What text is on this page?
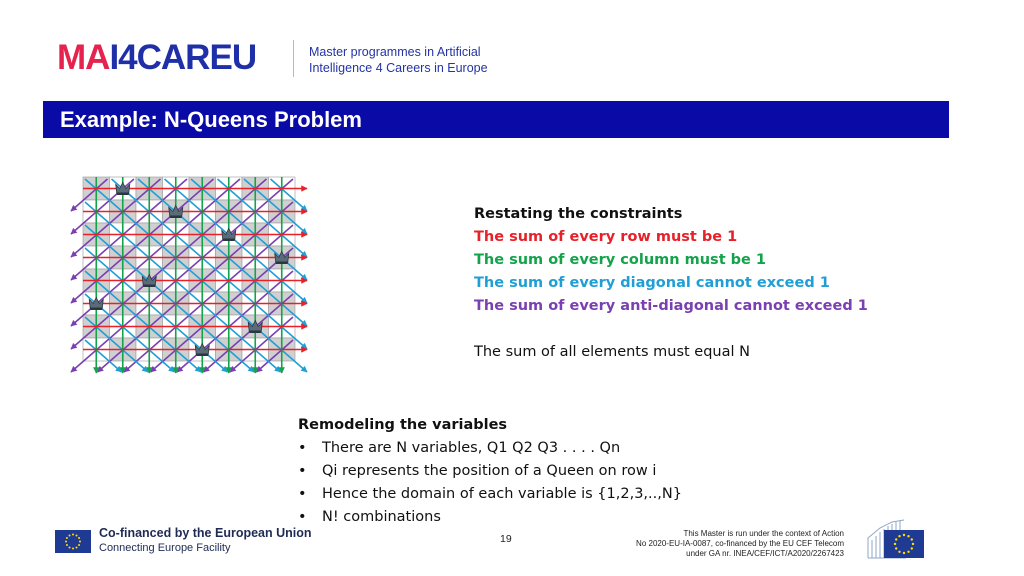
MAI4CAREU	Master programmes in Artificial
Intelligence 4 Careers in Europe
Example: N-Queens Problem
Restating the constraints
The sum of every row must be 1
The sum of every column must be 1
The sum of every diagonal cannot exceed 1
The sum of every anti-diagonal cannot exceed 1
The sum of all elements must equal N
Remodeling the variables
• There are N variables, Q1 Q2 Q3 . . . . Qn
• Qi represents the position of a Queen on row i
• Hence the domain of each variable is {1,2,3,..,N}
• N! combinations
Co-financed by the European Union
Connecting Europe Facility
19	This Master is run under the context of Action
No 2020-EU-IA-0087, co-financed by the EU CEF Telecom
under GA nr. INEA/CEF/ICT/A2020/2267423
